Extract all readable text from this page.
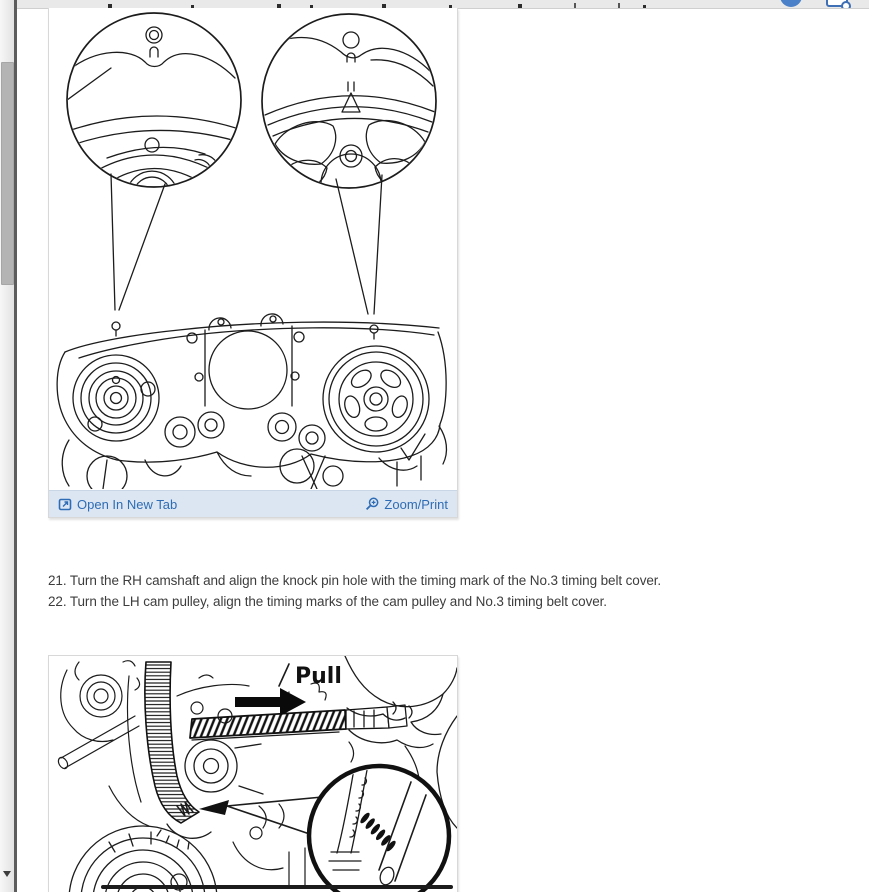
Open In New Tab	Zoom/Print

21. Turn the RH camshaft and align the knock pin hole with the timing mark of the No.3 timing belt cover.

22. Turn the LH cam pulley, align the timing marks of the cam pulley and No.3 timing belt cover.

Pull
